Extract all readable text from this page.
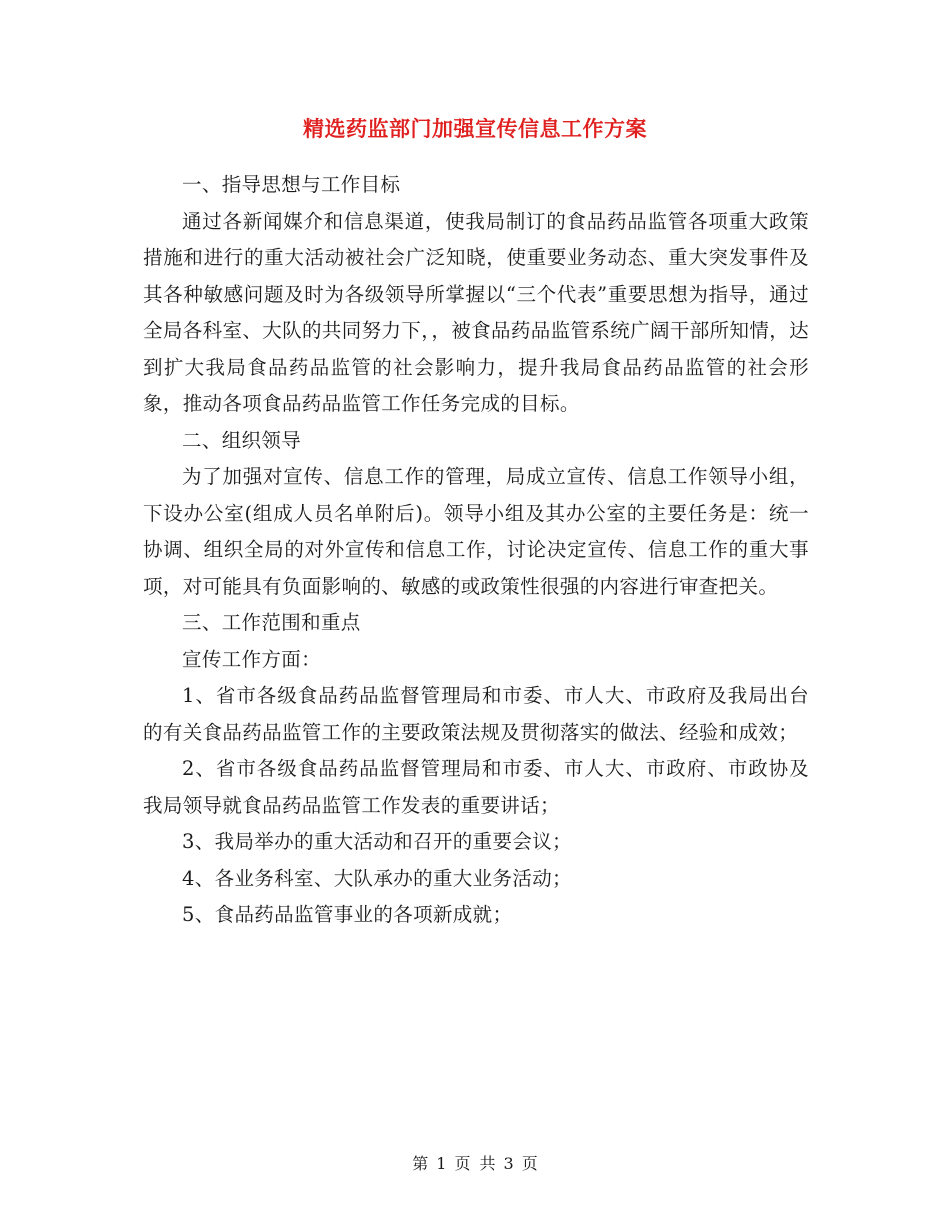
精选药监部门加强宣传信息工作方案

一、指导思想与工作目标

通过各新闻媒介和信息渠道，使我局制订的食品药品监管各项重大政策措施和进行的重大活动被社会广泛知晓，使重要业务动态、重大突发事件及其各种敏感问题及时为各级领导所掌握以“三个代表”重要思想为指导，通过全局各科室、大队的共同努力下，，被食品药品监管系统广阔干部所知情，达到扩大我局食品药品监管的社会影响力，提升我局食品药品监管的社会形象，推动各项食品药品监管工作任务完成的目标。

二、组织领导

为了加强对宣传、信息工作的管理，局成立宣传、信息工作领导小组，下设办公室(组成人员名单附后)。领导小组及其办公室的主要任务是：统一协调、组织全局的对外宣传和信息工作，讨论决定宣传、信息工作的重大事项，对可能具有负面影响的、敏感的或政策性很强的内容进行审查把关。

三、工作范围和重点

宣传工作方面：

1、省市各级食品药品监督管理局和市委、市人大、市政府及我局出台的有关食品药品监管工作的主要政策法规及贯彻落实的做法、经验和成效；

2、省市各级食品药品监督管理局和市委、市人大、市政府、市政协及我局领导就食品药品监管工作发表的重要讲话；

3、我局举办的重大活动和召开的重要会议；

4、各业务科室、大队承办的重大业务活动；

5、食品药品监管事业的各项新成就；

第 1 页 共 3 页
